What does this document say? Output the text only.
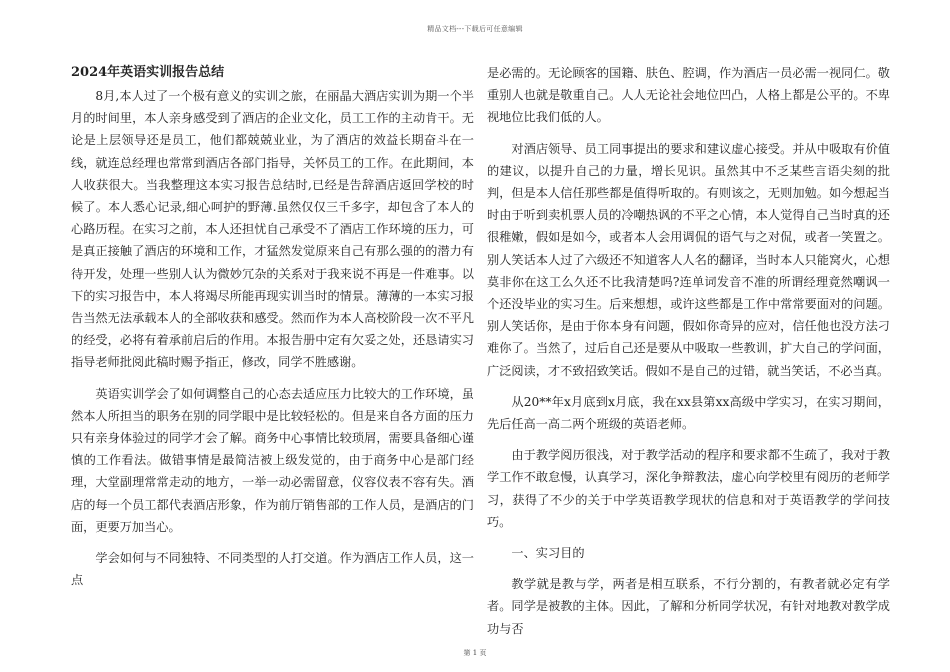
精品文档---下载后可任意编辑
2024年英语实训报告总结

8月,本人过了一个极有意义的实训之旅，在丽晶大酒店实训为期一个半月的时间里，本人亲身感受到了酒店的企业文化，员工工作的主动肯干。无论是上层领导还是员工，他们都兢兢业业，为了酒店的效益长期奋斗在一线，就连总经理也常常到酒店各部门指导，关怀员工的工作。在此期间，本人收获很大。当我整理这本实习报告总结时,已经是告辞酒店返回学校的时候了。本人悉心记录,细心呵护的野薄.虽然仅仅三千多字，却包含了本人的心路历程。在实习之前，本人还担忧自己承受不了酒店工作环境的压力，可是真正接触了酒店的环境和工作，才猛然发觉原来自己有那么强的的潜力有待开发，处理一些别人认为微妙冗杂的关系对于我来说不再是一件难事。以下的实习报告中，本人将竭尽所能再现实训当时的情景。薄薄的一本实习报告当然无法承载本人的全部收获和感受。然而作为本人高校阶段一次不平凡的经受，必将有着承前启后的作用。本报告册中定有欠妥之处，还恳请实习指导老师批阅此稿时赐予指正，修改，同学不胜感谢。

英语实训学会了如何调整自己的心态去适应压力比较大的工作环境，虽然本人所担当的职务在别的同学眼中是比较轻松的。但是来自各方面的压力只有亲身体验过的同学才会了解。商务中心事情比较琐屑，需要具备细心谨慎的工作看法。做错事情是最简洁被上级发觉的，由于商务中心是部门经理，大堂副理常常走动的地方，一举一动必需留意，仪容仪表不容有失。酒店的每一个员工都代表酒店形象，作为前厅销售部的工作人员，是酒店的门面，更要万加当心。

学会如何与不同独特、不同类型的人打交道。作为酒店工作人员，这一点

是必需的。无论顾客的国籍、肤色、腔调，作为酒店一员必需一视同仁。敬重别人也就是敬重自己。人人无论社会地位凹凸，人格上都是公平的。不卑视地位比我们低的人。

对酒店领导、员工同事提出的要求和建议虚心接受。并从中吸取有价值的建议，以提升自己的力量，增长见识。虽然其中不乏某些言语尖刻的批判，但是本人信任那些都是值得听取的。有则该之，无则加勉。如今想起当时由于听到卖机票人员的冷嘲热讽的不平之心情，本人觉得自己当时真的还很稚嫩，假如是如今，或者本人会用调侃的语气与之对侃，或者一笑置之。别人笑话本人过了六级还不知道客人人名的翻译，当时本人只能窝火，心想莫非你在这工么久还不比我清楚吗?连单词发音不准的所谓经理竟然嘲讽一个还没毕业的实习生。后来想想，或许这些都是工作中常常要面对的问题。别人笑话你，是由于你本身有问题，假如你奇异的应对，信任他也没方法刁难你了。当然了，过后自己还是要从中吸取一些教训，扩大自己的学问面，广泛阅读，才不致招致笑话。假如不是自己的过错，就当笑话，不必当真。

从20**年x月底到x月底，我在xx县第xx高级中学实习，在实习期间，先后任高一高二两个班级的英语老师。

由于教学阅历很浅，对于教学活动的程序和要求都不生疏了，我对于教学工作不敢怠慢，认真学习，深化争辩教法，虚心向学校里有阅历的老师学习，获得了不少的关于中学英语教学现状的信息和对于英语教学的学问技巧。

一、实习目的

教学就是教与学，两者是相互联系，不行分割的，有教者就必定有学者。同学是被教的主体。因此，了解和分析同学状况，有针对地教对教学成功与否

第 1 页
